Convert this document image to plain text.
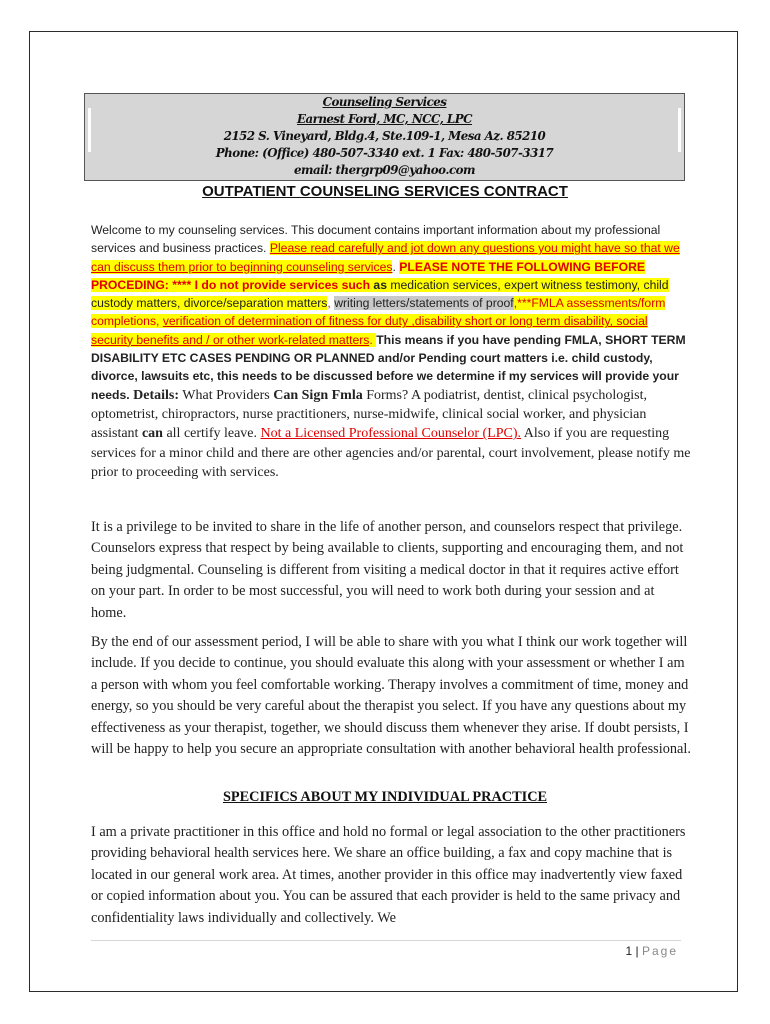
Counseling Services
Earnest Ford, MC, NCC, LPC
2152 S. Vineyard, Bldg.4, Ste.109-1, Mesa Az. 85210
Phone: (Office) 480-507-3340 ext. 1 Fax: 480-507-3317
email: thergrp09@yahoo.com
OUTPATIENT COUNSELING SERVICES CONTRACT
Welcome to my counseling services. This document contains important information about my professional services and business practices. Please read carefully and jot down any questions you might have so that we can discuss them prior to beginning counseling services. PLEASE NOTE THE FOLLOWING BEFORE PROCEDING: **** I do not provide services such as medication services, expert witness testimony, child custody matters, divorce/separation matters, writing letters/statements of proof,***FMLA assessments/form completions, verification of determination of fitness for duty ,disability short or long term disability, social security benefits and / or other work-related matters. This means if you have pending FMLA, SHORT TERM DISABILITY ETC CASES PENDING OR PLANNED and/or Pending court matters i.e. child custody, divorce, lawsuits etc, this needs to be discussed before we determine if my services will provide your needs. Details: What Providers Can Sign Fmla Forms? A podiatrist, dentist, clinical psychologist, optometrist, chiropractors, nurse practitioners, nurse-midwife, clinical social worker, and physician assistant can all certify leave. Not a Licensed Professional Counselor (LPC). Also if you are requesting services for a minor child and there are other agencies and/or parental, court involvement, please notify me prior to proceeding with services.
It is a privilege to be invited to share in the life of another person, and counselors respect that privilege. Counselors express that respect by being available to clients, supporting and encouraging them, and not being judgmental. Counseling is different from visiting a medical doctor in that it requires active effort on your part. In order to be most successful, you will need to work both during your session and at home.
By the end of our assessment period, I will be able to share with you what I think our work together will include. If you decide to continue, you should evaluate this along with your assessment or whether I am a person with whom you feel comfortable working. Therapy involves a commitment of time, money and energy, so you should be very careful about the therapist you select. If you have any questions about my effectiveness as your therapist, together, we should discuss them whenever they arise. If doubt persists, I will be happy to help you secure an appropriate consultation with another behavioral health professional.
SPECIFICS ABOUT MY INDIVIDUAL PRACTICE
I am a private practitioner in this office and hold no formal or legal association to the other practitioners providing behavioral health services here. We share an office building, a fax and copy machine that is located in our general work area. At times, another provider in this office may inadvertently view faxed or copied information about you. You can be assured that each provider is held to the same privacy and confidentiality laws individually and collectively. We
1 | Page
